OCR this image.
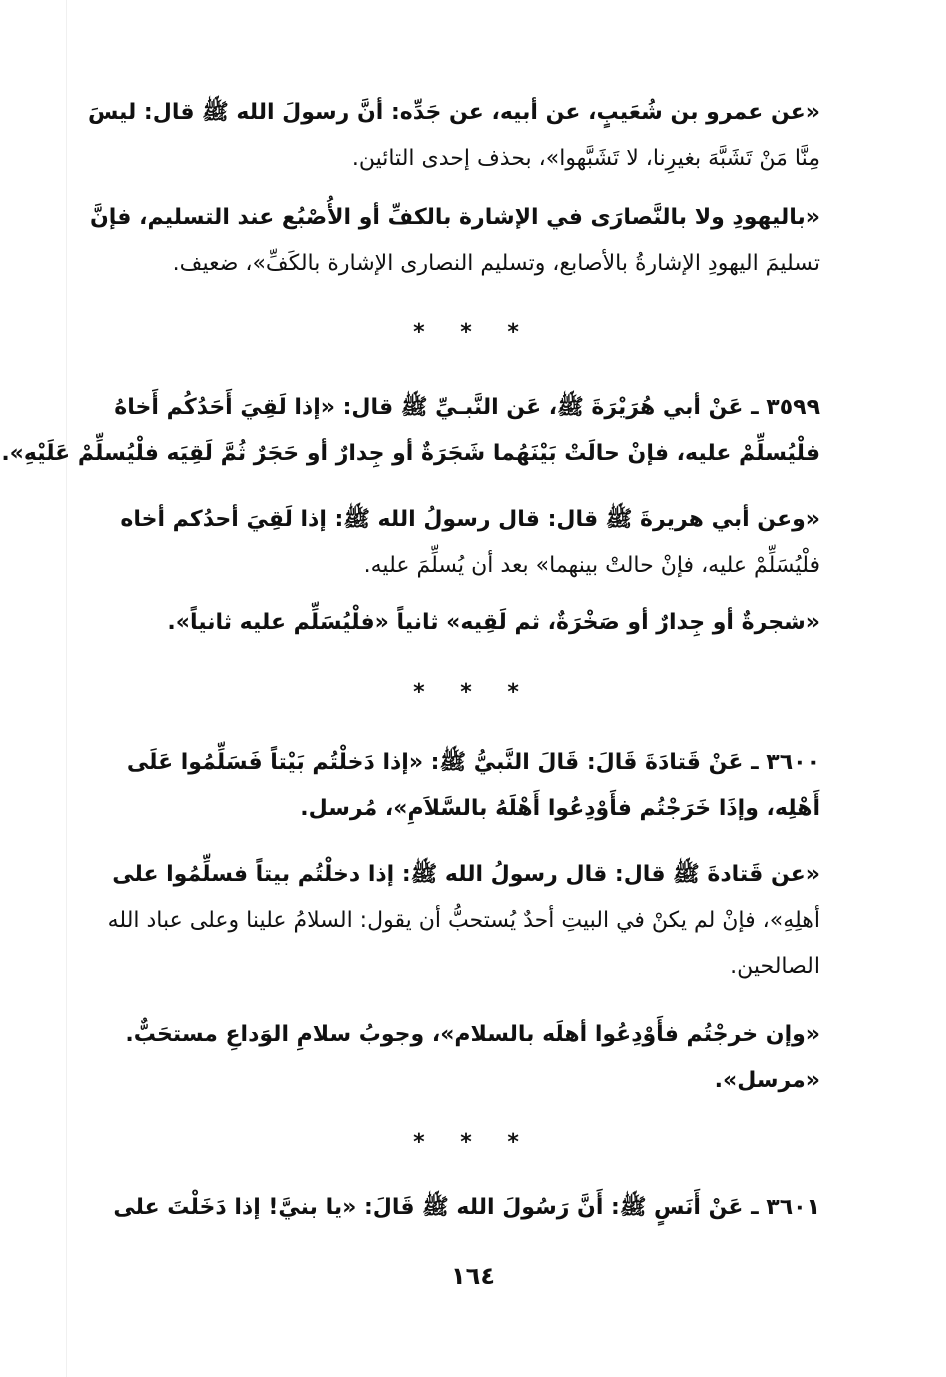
«عن عمرو بن شُعَيبٍ، عن أبيه، عن جَدِّه: أنَّ رسولَ الله ﷺ قال: ليسَ
مِنَّا مَنْ تَشَبَّهَ بغيرِنا، لا تَشَبَّهوا»، بحذف إحدى التائين.

«باليهودِ ولا بالنَّصارَى في الإشارة بالكفِّ أو الأُصْبُع عند التسليم، فإنَّ
تسليمَ اليهودِ الإشارةُ بالأصابع، وتسليم النصارى الإشارة بالكَفِّ»، ضعيف.

* * *

٣٥٩٩ ـ عَنْ أبي هُرَيْرَةَ ﷺ، عَن النَّبـيِّ ﷺ قال: «إذا لَقِيَ أَحَدُكُم أَخاهُ
فلْيُسلِّمْ عليه، فإنْ حالَتْ بَيْنَهُما شَجَرَةٌ أو جِدارٌ أو حَجَرٌ ثُمَّ لَقِيَه فلْيُسلِّمْ عَلَيْهِ».

«وعن أبي هريرةَ ﷺ قال: قال رسولُ الله ﷺ: إذا لَقِيَ أحدُكم أخاه
فلْيُسَلِّمْ عليه، فإنْ حالتْ بينهما» بعد أن يُسلِّمَ عليه.

«شجرةٌ أو جِدارٌ أو صَخْرَةٌ، ثم لَقِيه» ثانياً «فلْيُسَلِّم عليه ثانياً».

* * *

٣٦٠٠ ـ عَنْ قَتادَةَ قَالَ: قَالَ النَّبيُّ ﷺ: «إذا دَخلْتُم بَيْتاً فَسَلِّمُوا عَلَى
أَهْلِه، وإذَا خَرَجْتُم فأَوْدِعُوا أَهْلَهُ بالسَّلاَمِ»، مُرسل.

«عن قَتادةَ ﷺ قال: قال رسولُ الله ﷺ: إذا دخلْتُم بيتاً فسلِّمُوا على
أهلِهِ»، فإنْ لم يكنْ في البيتِ أحدٌ يُستحبُّ أن يقول: السلامُ علينا وعلى عباد الله
الصالحين.

«وإن خرجْتُم فأَوْدِعُوا أهلَه بالسلام»، وجوبُ سلامِ الوَداعِ مستحَبٌّ.
«مرسل».

* * *

٣٦٠١ ـ عَنْ أَنَسٍ ﷺ: أَنَّ رَسُولَ الله ﷺ قَالَ: «يا بنيَّ! إذا دَخَلْتَ على

١٦٤
